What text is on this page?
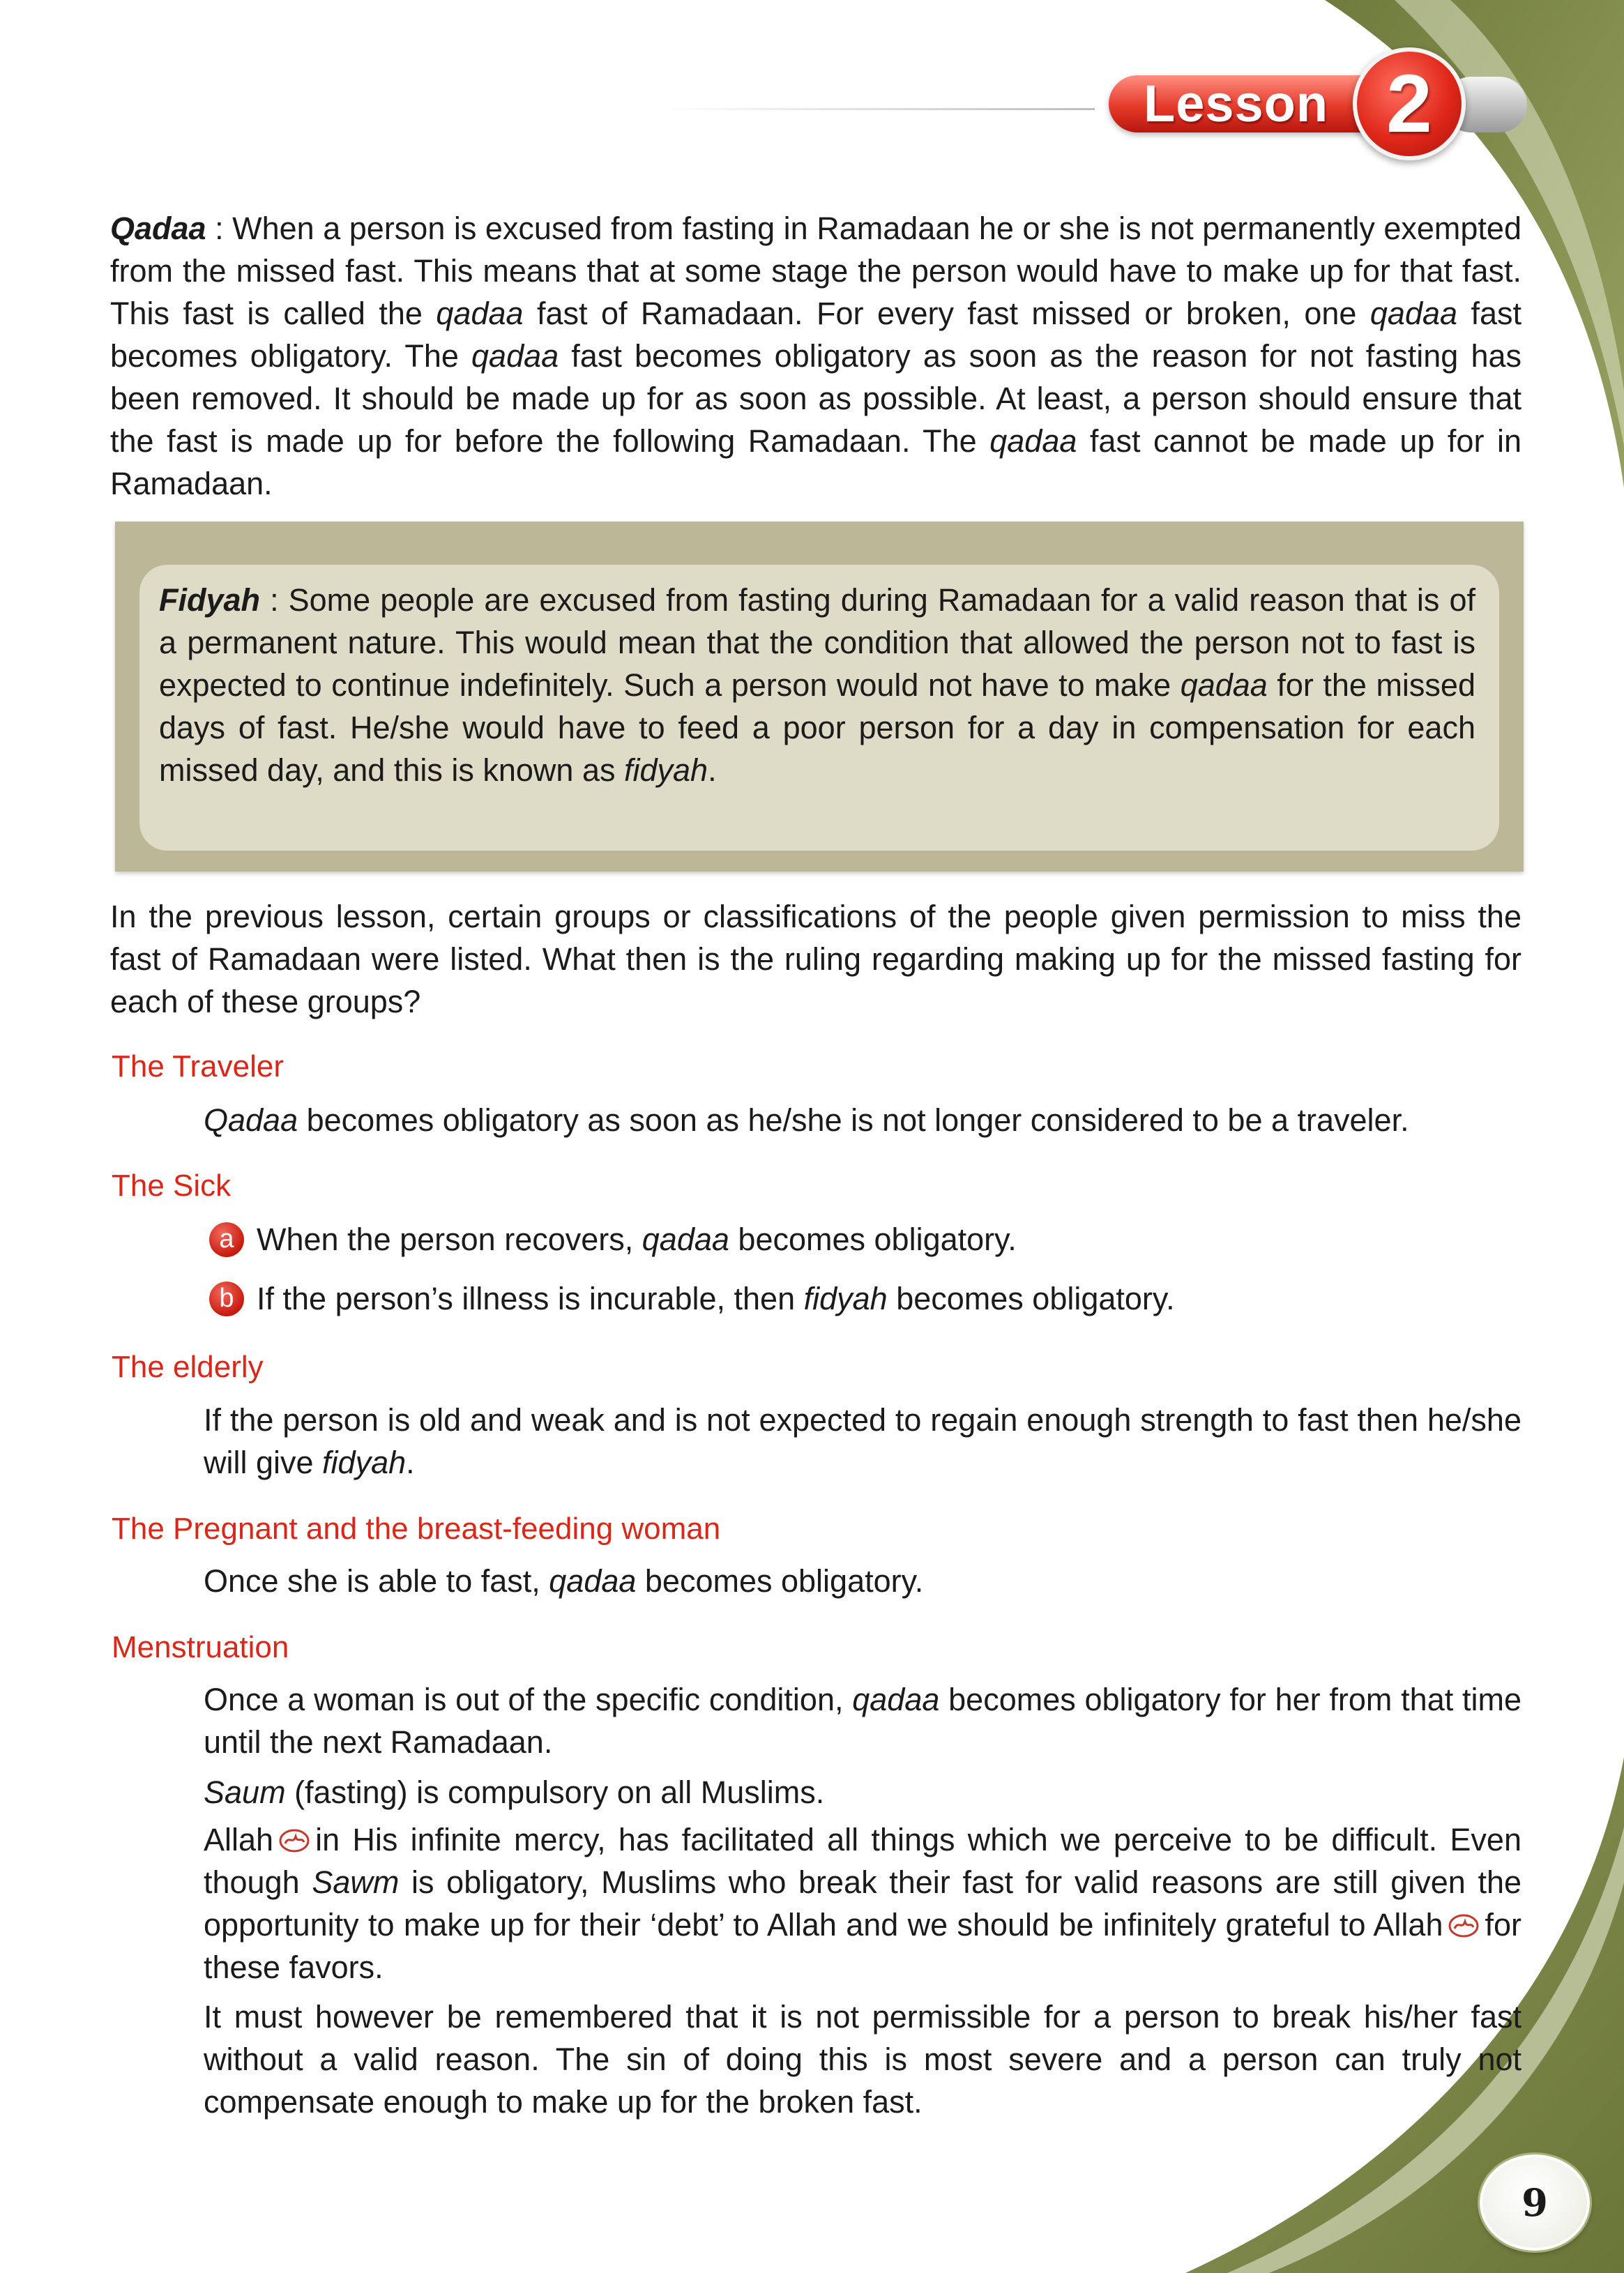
Lesson 2

Qadaa : When a person is excused from fasting in Ramadaan he or she is not permanently exempted from the missed fast. This means that at some stage the person would have to make up for that fast. This fast is called the qadaa fast of Ramadaan. For every fast missed or broken, one qadaa fast becomes obligatory. The qadaa fast becomes obligatory as soon as the reason for not fasting has been removed. It should be made up for as soon as possible. At least, a person should ensure that the fast is made up for before the following Ramadaan. The qadaa fast cannot be made up for in Ramadaan.

Fidyah : Some people are excused from fasting during Ramadaan for a valid reason that is of a permanent nature. This would mean that the condition that allowed the person not to fast is expected to continue indefinitely. Such a person would not have to make qadaa for the missed days of fast. He/she would have to feed a poor person for a day in compensation for each missed day, and this is known as fidyah.

In the previous lesson, certain groups or classifications of the people given permission to miss the fast of Ramadaan were listed. What then is the ruling regarding making up for the missed fasting for each of these groups?

The Traveler

Qadaa becomes obligatory as soon as he/she is not longer considered to be a traveler.

The Sick
a When the person recovers, qadaa becomes obligatory.
b If the person’s illness is incurable, then fidyah becomes obligatory.
The elderly

If the person is old and weak and is not expected to regain enough strength to fast then he/she will give fidyah.

The Pregnant and the breast-feeding woman

Once she is able to fast, qadaa becomes obligatory.

Menstruation

Once a woman is out of the specific condition, qadaa becomes obligatory for her from that time until the next Ramadaan.

Saum (fasting) is compulsory on all Muslims.

Allah in His infinite mercy, has facilitated all things which we perceive to be difficult. Even though Sawm is obligatory, Muslims who break their fast for valid reasons are still given the opportunity to make up for their ‘debt’ to Allah and we should be infinitely grateful to Allah for these favors.

It must however be remembered that it is not permissible for a person to break his/her fast without a valid reason. The sin of doing this is most severe and a person can truly not compensate enough to make up for the broken fast.

9
